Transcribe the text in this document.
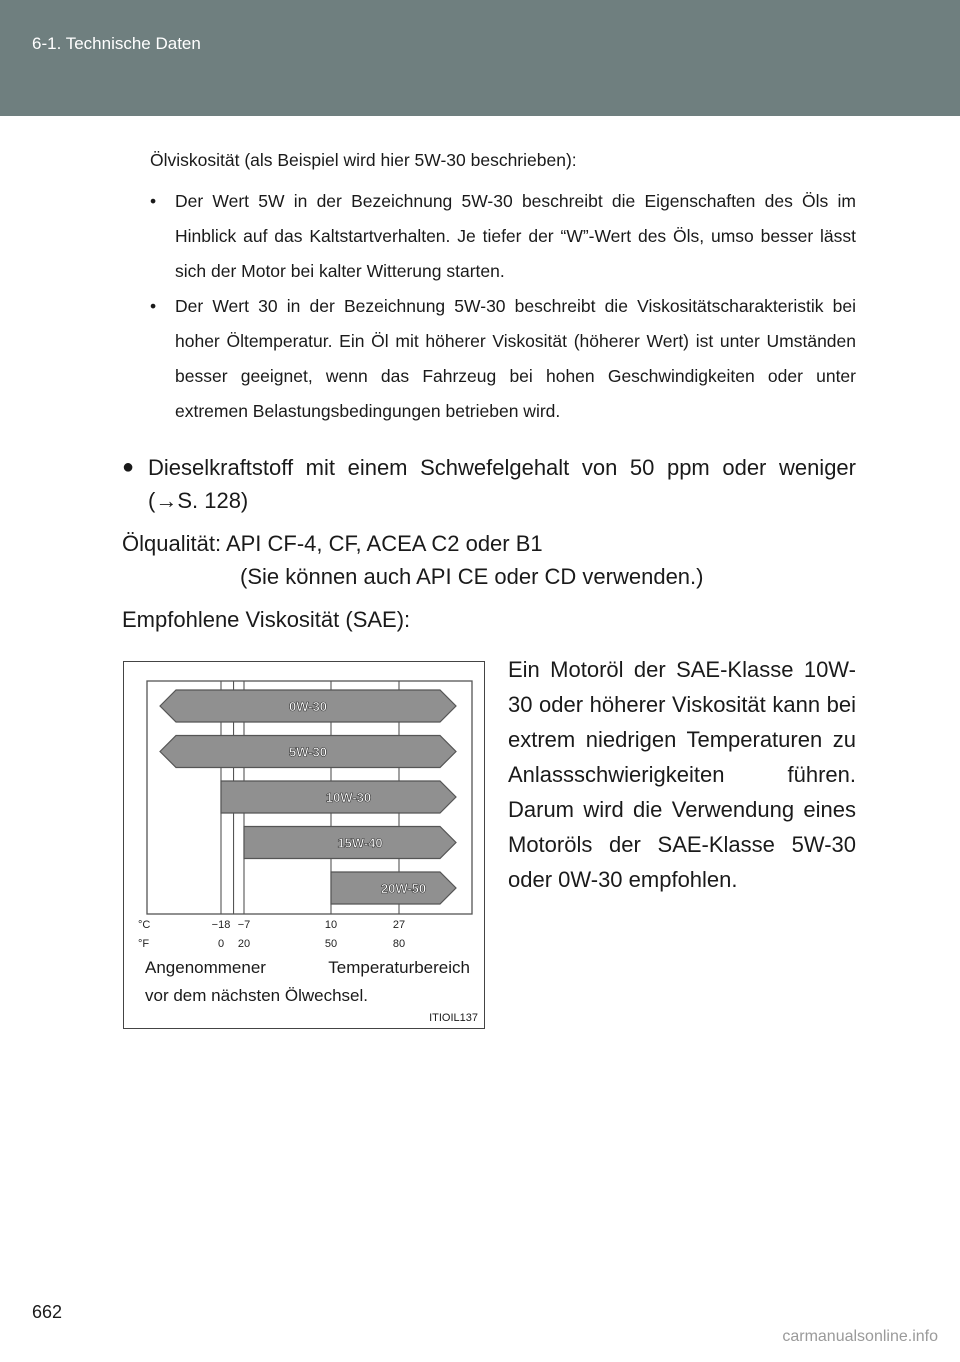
6-1. Technische Daten
Ölviskosität (als Beispiel wird hier 5W-30 beschrieben):
• Der Wert 5W in der Bezeichnung 5W-30 beschreibt die Eigenschaften des Öls im Hinblick auf das Kaltstartverhalten. Je tiefer der “W”-Wert des Öls, umso besser lässt sich der Motor bei kalter Witterung starten.
• Der Wert 30 in der Bezeichnung 5W-30 beschreibt die Viskositätscharakteristik bei hoher Öltemperatur. Ein Öl mit höherer Viskosität (höherer Wert) ist unter Umständen besser geeignet, wenn das Fahrzeug bei hohen Geschwindigkeiten oder unter extremen Belastungsbedingungen betrieben wird.
● Dieselkraftstoff mit einem Schwefelgehalt von 50 ppm oder weniger (→S. 128)
Ölqualität: API CF-4, CF, ACEA C2 oder B1
(Sie können auch API CE oder CD verwenden.)
Empfohlene Viskosität (SAE):
0W-30
5W-30
10W-30
15W-40
20W-50
°C
°F
−18 −7	10	27
0 20	50	80
Angenommener	Temperaturbereich
vor dem nächsten Ölwechsel.
ITIOIL137
Ein Motoröl der SAE-Klasse 10W-30 oder höherer Viskosität kann bei extrem niedrigen Temperaturen zu Anlassschwierigkeiten führen. Darum wird die Verwendung eines Motoröls der SAE-Klasse 5W-30 oder 0W-30 empfohlen.
662
carmanualsonline.info
